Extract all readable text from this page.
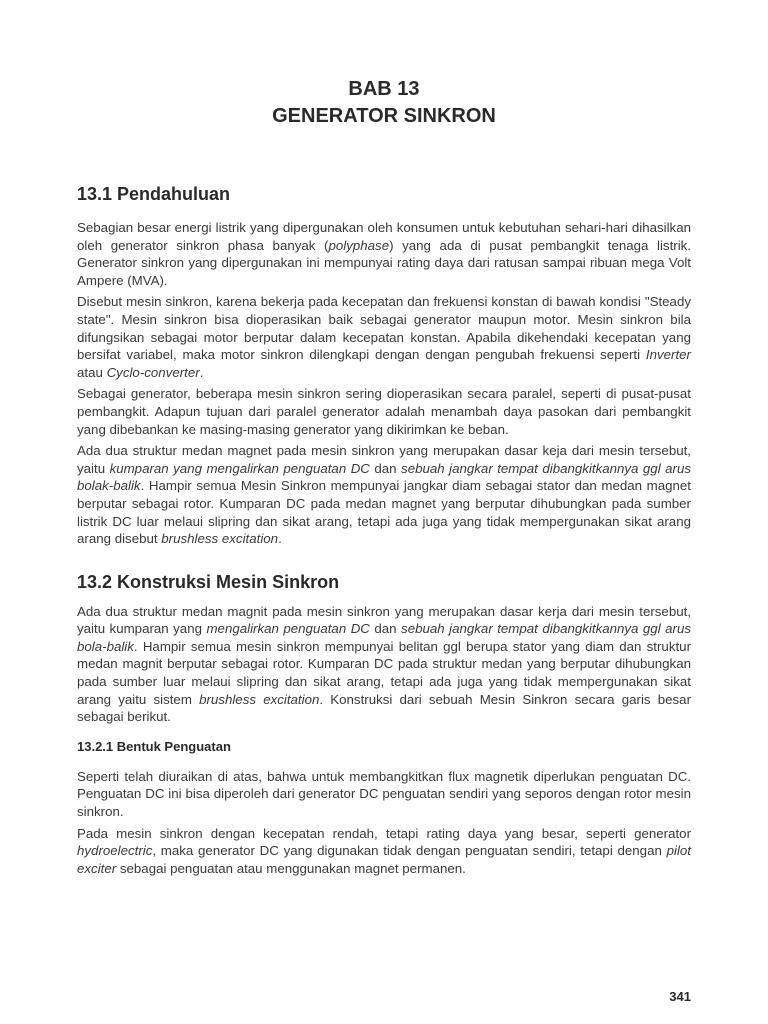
BAB 13

GENERATOR SINKRON

13.1 Pendahuluan

Sebagian besar energi listrik yang dipergunakan oleh konsumen untuk kebutuhan sehari-hari dihasilkan oleh generator sinkron phasa banyak (polyphase) yang ada di pusat pembangkit tenaga listrik. Generator sinkron yang dipergunakan ini mempunyai rating daya dari ratusan sampai ribuan mega Volt Ampere (MVA).

Disebut mesin sinkron, karena bekerja pada kecepatan dan frekuensi konstan di bawah kondisi "Steady state". Mesin sinkron bisa dioperasikan baik sebagai generator maupun motor. Mesin sinkron bila difungsikan sebagai motor berputar dalam kecepatan konstan. Apabila dikehendaki kecepatan yang bersifat variabel, maka motor sinkron dilengkapi dengan dengan pengubah frekuensi seperti Inverter atau Cyclo-converter.

Sebagai generator, beberapa mesin sinkron sering dioperasikan secara paralel, seperti di pusat-pusat pembangkit. Adapun tujuan dari paralel generator adalah menambah daya pasokan dari pembangkit yang dibebankan ke masing-masing generator yang dikirimkan ke beban.

Ada dua struktur medan magnet pada mesin sinkron yang merupakan dasar keja dari mesin tersebut, yaitu kumparan yang mengalirkan penguatan DC dan sebuah jangkar tempat dibangkitkannya ggl arus bolak-balik. Hampir semua Mesin Sinkron mempunyai jangkar diam sebagai stator dan medan magnet berputar sebagai rotor. Kumparan DC pada medan magnet yang berputar dihubungkan pada sumber listrik DC luar melaui slipring dan sikat arang, tetapi ada juga yang tidak mempergunakan sikat arang arang disebut brushless excitation.

13.2 Konstruksi Mesin Sinkron

Ada dua struktur medan magnit pada mesin sinkron yang merupakan dasar kerja dari mesin tersebut, yaitu kumparan yang mengalirkan penguatan DC dan sebuah jangkar tempat dibangkitkannya ggl arus bola-balik. Hampir semua mesin sinkron mempunyai belitan ggl berupa stator yang diam dan struktur medan magnit berputar sebagai rotor. Kumparan DC pada struktur medan yang berputar dihubungkan pada sumber luar melaui slipring dan sikat arang, tetapi ada juga yang tidak mempergunakan sikat arang yaitu sistem brushless excitation. Konstruksi dari sebuah Mesin Sinkron secara garis besar sebagai berikut.

13.2.1 Bentuk Penguatan

Seperti telah diuraikan di atas, bahwa untuk membangkitkan flux magnetik diperlukan penguatan DC. Penguatan DC ini bisa diperoleh dari generator DC penguatan sendiri yang seporos dengan rotor mesin sinkron.

Pada mesin sinkron dengan kecepatan rendah, tetapi rating daya yang besar, seperti generator hydroelectric, maka generator DC yang digunakan tidak dengan penguatan sendiri, tetapi dengan pilot exciter sebagai penguatan atau menggunakan magnet permanen.

341
